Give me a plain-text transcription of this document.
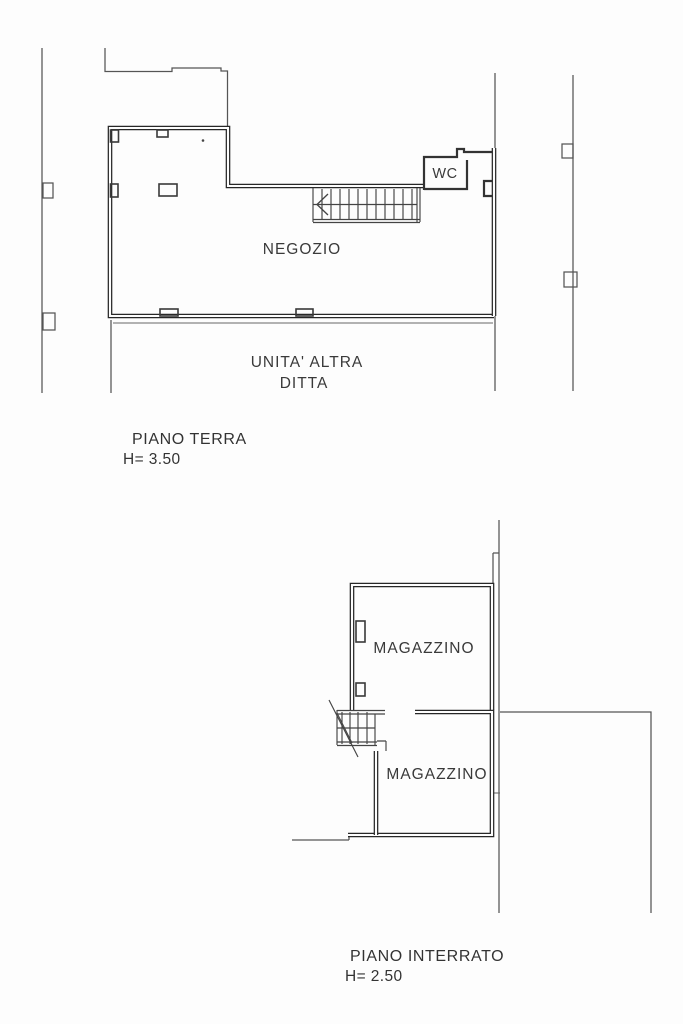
WC
NEGOZIO
UNITA' ALTRA
DITTA
PIANO TERRA
H= 3.50
MAGAZZINO
MAGAZZINO
PIANO INTERRATO
H= 2.50
